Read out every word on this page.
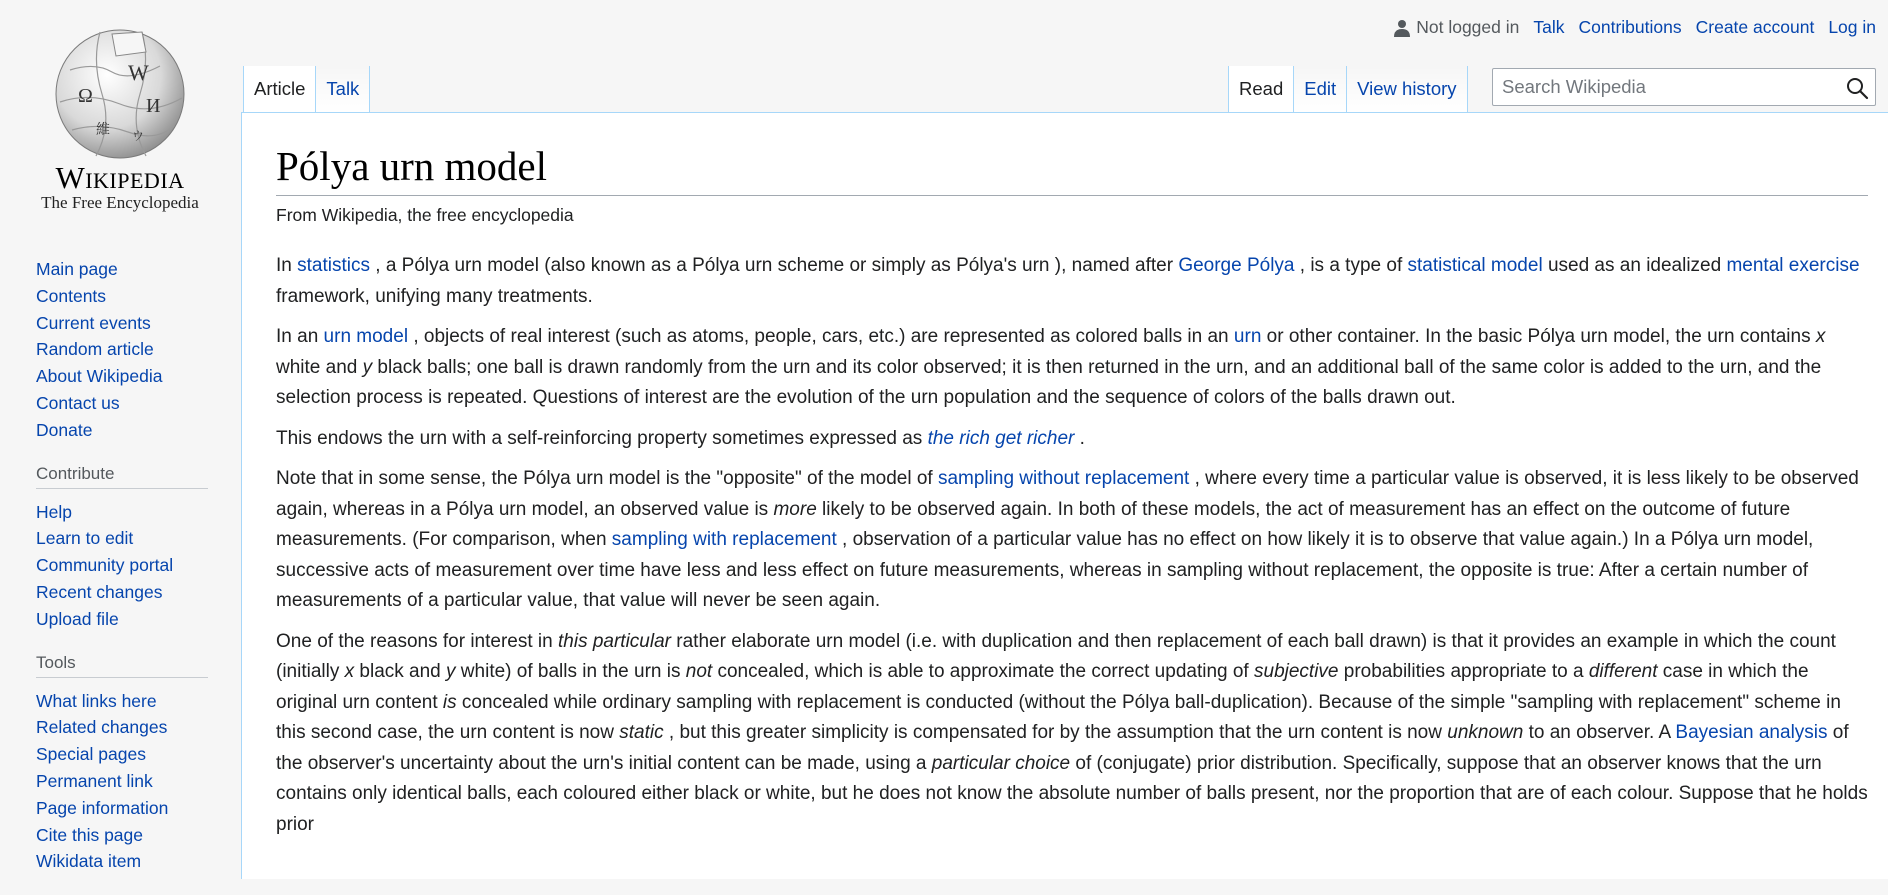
W
Ω	И
維 ウ
Wikipedia
The Free Encyclopedia
Main page
Contents
Current events
Random article
About Wikipedia
Contact us
Donate
Contribute
Help
Learn to edit
Community portal
Recent changes
Upload file
Tools
What links here
Related changes
Special pages
Permanent link
Page information
Cite this page
Wikidata item
Not logged in Talk Contributions Create account Log in
Article Talk	Read Edit View history
Search Wikipedia
Pólya urn model
From Wikipedia, the free encyclopedia

In statistics , a Pólya urn model (also known as a Pólya urn scheme or simply as Pólya's urn ), named after George Pólya , is a type of statistical model used as an idealized mental exercise framework, unifying many treatments.

In an urn model , objects of real interest (such as atoms, people, cars, etc.) are represented as colored balls in an urn or other container. In the basic Pólya urn model, the urn contains x white and y black balls; one ball is drawn randomly from the urn and its color observed; it is then returned in the urn, and an additional ball of the same color is added to the urn, and the selection process is repeated. Questions of interest are the evolution of the urn population and the sequence of colors of the balls drawn out.

This endows the urn with a self-reinforcing property sometimes expressed as the rich get richer .

Note that in some sense, the Pólya urn model is the "opposite" of the model of sampling without replacement , where every time a particular value is observed, it is less likely to be observed again, whereas in a Pólya urn model, an observed value is more likely to be observed again. In both of these models, the act of measurement has an effect on the outcome of future measurements. (For comparison, when sampling with replacement , observation of a particular value has no effect on how likely it is to observe that value again.) In a Pólya urn model, successive acts of measurement over time have less and less effect on future measurements, whereas in sampling without replacement, the opposite is true: After a certain number of measurements of a particular value, that value will never be seen again.

One of the reasons for interest in this particular rather elaborate urn model (i.e. with duplication and then replacement of each ball drawn) is that it provides an example in which the count (initially x black and y white) of balls in the urn is not concealed, which is able to approximate the correct updating of subjective probabilities appropriate to a different case in which the original urn content is concealed while ordinary sampling with replacement is conducted (without the Pólya ball-duplication). Because of the simple "sampling with replacement" scheme in this second case, the urn content is now static , but this greater simplicity is compensated for by the assumption that the urn content is now unknown to an observer. A Bayesian analysis of the observer's uncertainty about the urn's initial content can be made, using a particular choice of (conjugate) prior distribution. Specifically, suppose that an observer knows that the urn contains only identical balls, each coloured either black or white, but he does not know the absolute number of balls present, nor the proportion that are of each colour. Suppose that he holds prior
